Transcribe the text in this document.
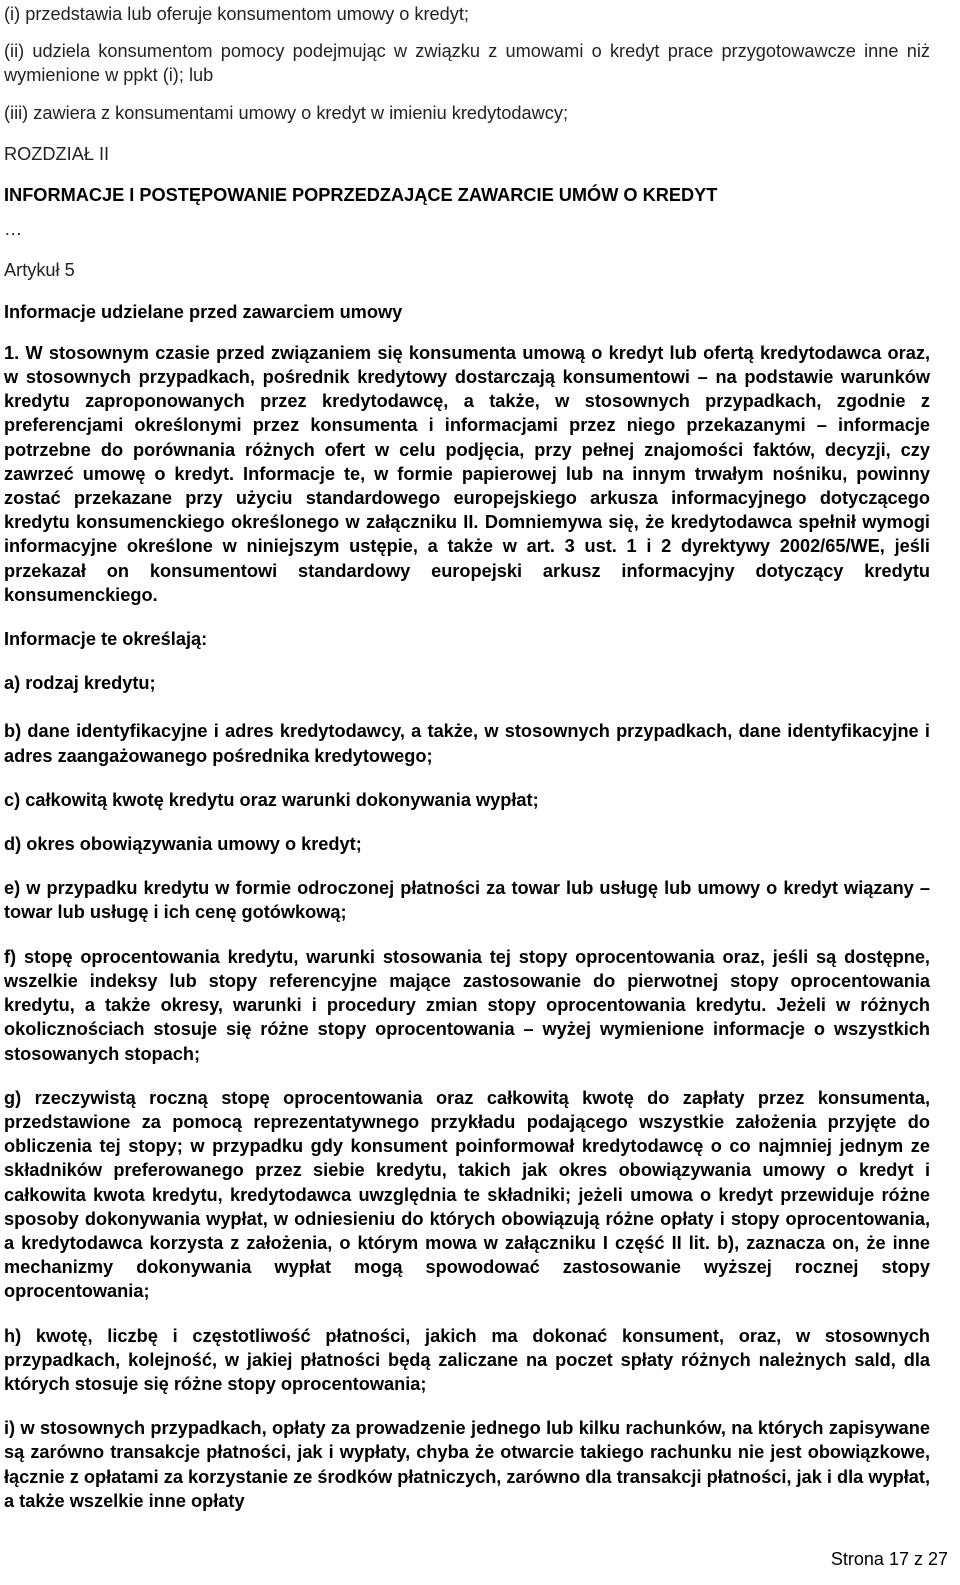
(i) przedstawia lub oferuje konsumentom umowy o kredyt;

(ii) udziela konsumentom pomocy podejmując w związku z umowami o kredyt prace przygotowawcze inne niż wymienione w ppkt (i); lub

(iii) zawiera z konsumentami umowy o kredyt w imieniu kredytodawcy;

ROZDZIAŁ II

INFORMACJE I POSTĘPOWANIE POPRZEDZAJĄCE ZAWARCIE UMÓW O KREDYT

…

Artykuł 5

Informacje udzielane przed zawarciem umowy

1. W stosownym czasie przed związaniem się konsumenta umową o kredyt lub ofertą kredytodawca oraz, w stosownych przypadkach, pośrednik kredytowy dostarczają konsumentowi – na podstawie warunków kredytu zaproponowanych przez kredytodawcę, a także, w stosownych przypadkach, zgodnie z preferencjami określonymi przez konsumenta i informacjami przez niego przekazanymi – informacje potrzebne do porównania różnych ofert w celu podjęcia, przy pełnej znajomości faktów, decyzji, czy zawrzeć umowę o kredyt. Informacje te, w formie papierowej lub na innym trwałym nośniku, powinny zostać przekazane przy użyciu standardowego europejskiego arkusza informacyjnego dotyczącego kredytu konsumenckiego określonego w załączniku II. Domniemywa się, że kredytodawca spełnił wymogi informacyjne określone w niniejszym ustępie, a także w art. 3 ust. 1 i 2 dyrektywy 2002/65/WE, jeśli przekazał on konsumentowi standardowy europejski arkusz informacyjny dotyczący kredytu konsumenckiego.

Informacje te określają:

a) rodzaj kredytu;

b) dane identyfikacyjne i adres kredytodawcy, a także, w stosownych przypadkach, dane identyfikacyjne i adres zaangażowanego pośrednika kredytowego;

c) całkowitą kwotę kredytu oraz warunki dokonywania wypłat;

d) okres obowiązywania umowy o kredyt;

e) w przypadku kredytu w formie odroczonej płatności za towar lub usługę lub umowy o kredyt wiązany – towar lub usługę i ich cenę gotówkową;

f) stopę oprocentowania kredytu, warunki stosowania tej stopy oprocentowania oraz, jeśli są dostępne, wszelkie indeksy lub stopy referencyjne mające zastosowanie do pierwotnej stopy oprocentowania kredytu, a także okresy, warunki i procedury zmian stopy oprocentowania kredytu. Jeżeli w różnych okolicznościach stosuje się różne stopy oprocentowania – wyżej wymienione informacje o wszystkich stosowanych stopach;

g) rzeczywistą roczną stopę oprocentowania oraz całkowitą kwotę do zapłaty przez konsumenta, przedstawione za pomocą reprezentatywnego przykładu podającego wszystkie założenia przyjęte do obliczenia tej stopy; w przypadku gdy konsument poinformował kredytodawcę o co najmniej jednym ze składników preferowanego przez siebie kredytu, takich jak okres obowiązywania umowy o kredyt i całkowita kwota kredytu, kredytodawca uwzględnia te składniki; jeżeli umowa o kredyt przewiduje różne sposoby dokonywania wypłat, w odniesieniu do których obowiązują różne opłaty i stopy oprocentowania, a kredytodawca korzysta z założenia, o którym mowa w załączniku I część II lit. b), zaznacza on, że inne mechanizmy dokonywania wypłat mogą spowodować zastosowanie wyższej rocznej stopy oprocentowania;

h) kwotę, liczbę i częstotliwość płatności, jakich ma dokonać konsument, oraz, w stosownych przypadkach, kolejność, w jakiej płatności będą zaliczane na poczet spłaty różnych należnych sald, dla których stosuje się różne stopy oprocentowania;

i) w stosownych przypadkach, opłaty za prowadzenie jednego lub kilku rachunków, na których zapisywane są zarówno transakcje płatności, jak i wypłaty, chyba że otwarcie takiego rachunku nie jest obowiązkowe, łącznie z opłatami za korzystanie ze środków płatniczych, zarówno dla transakcji płatności, jak i dla wypłat, a także wszelkie inne opłaty

Strona 17 z 27
